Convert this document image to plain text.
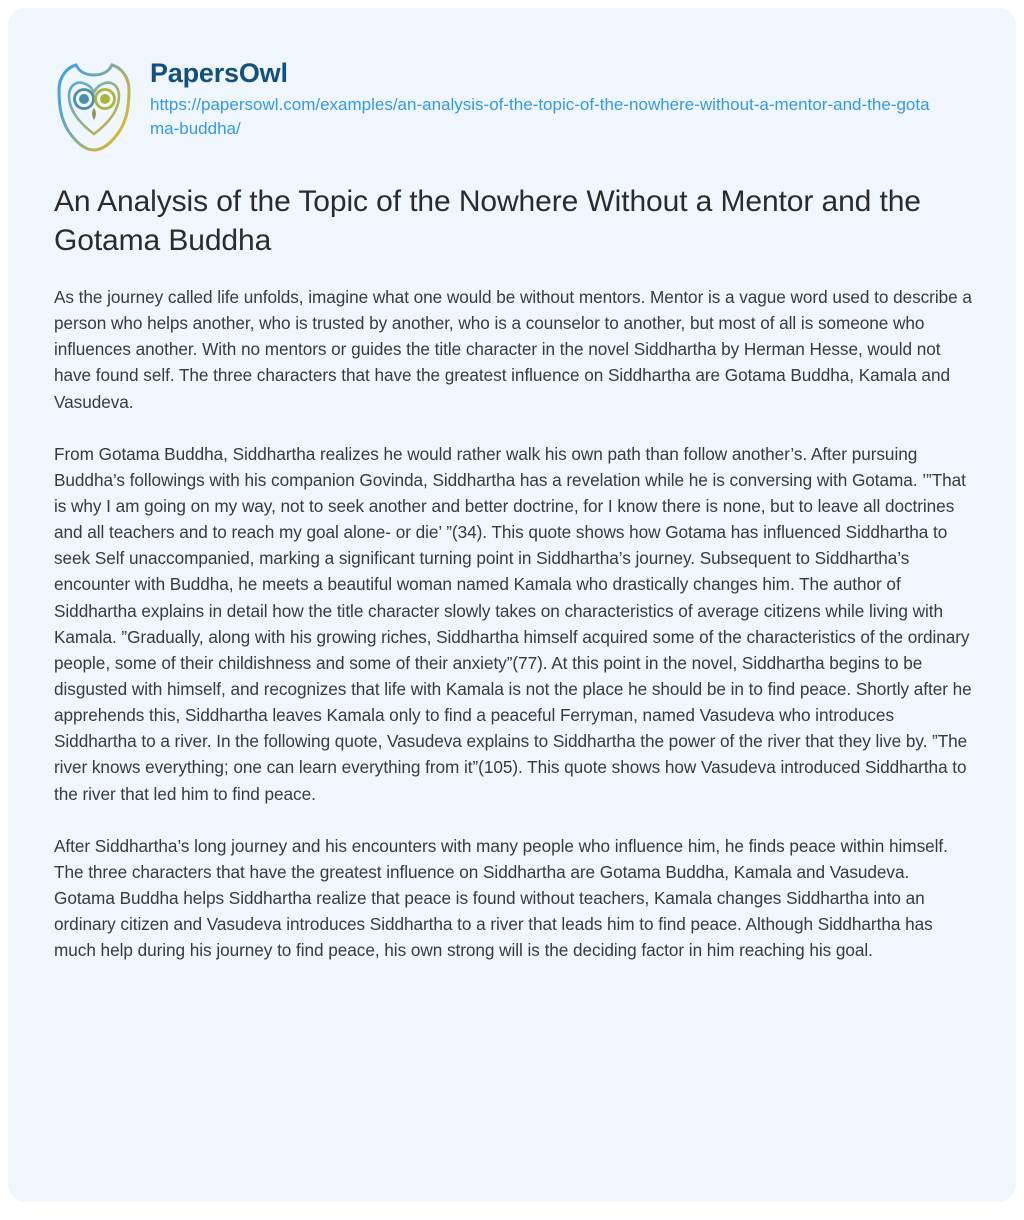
PapersOwl
https://papersowl.com/examples/an-analysis-of-the-topic-of-the-nowhere-without-a-mentor-and-the-gotama-buddha/
An Analysis of the Topic of the Nowhere Without a Mentor and the Gotama Buddha

As the journey called life unfolds, imagine what one would be without mentors. Mentor is a vague word used to describe a person who helps another, who is trusted by another, who is a counselor to another, but most of all is someone who influences another. With no mentors or guides the title character in the novel Siddhartha by Herman Hesse, would not have found self. The three characters that have the greatest influence on Siddhartha are Gotama Buddha, Kamala and Vasudeva.

From Gotama Buddha, Siddhartha realizes he would rather walk his own path than follow another’s. After pursuing Buddha’s followings with his companion Govinda, Siddhartha has a revelation while he is conversing with Gotama. ’”That is why I am going on my way, not to seek another and better doctrine, for I know there is none, but to leave all doctrines and all teachers and to reach my goal alone- or die’ ”(34). This quote shows how Gotama has influenced Siddhartha to seek Self unaccompanied, marking a significant turning point in Siddhartha’s journey. Subsequent to Siddhartha’s encounter with Buddha, he meets a beautiful woman named Kamala who drastically changes him. The author of Siddhartha explains in detail how the title character slowly takes on characteristics of average citizens while living with Kamala. ”Gradually, along with his growing riches, Siddhartha himself acquired some of the characteristics of the ordinary people, some of their childishness and some of their anxiety”(77). At this point in the novel, Siddhartha begins to be disgusted with himself, and recognizes that life with Kamala is not the place he should be in to find peace. Shortly after he apprehends this, Siddhartha leaves Kamala only to find a peaceful Ferryman, named Vasudeva who introduces Siddhartha to a river. In the following quote, Vasudeva explains to Siddhartha the power of the river that they live by. ”The river knows everything; one can learn everything from it”(105). This quote shows how Vasudeva introduced Siddhartha to the river that led him to find peace.

After Siddhartha’s long journey and his encounters with many people who influence him, he finds peace within himself. The three characters that have the greatest influence on Siddhartha are Gotama Buddha, Kamala and Vasudeva. Gotama Buddha helps Siddhartha realize that peace is found without teachers, Kamala changes Siddhartha into an ordinary citizen and Vasudeva introduces Siddhartha to a river that leads him to find peace. Although Siddhartha has much help during his journey to find peace, his own strong will is the deciding factor in him reaching his goal.
